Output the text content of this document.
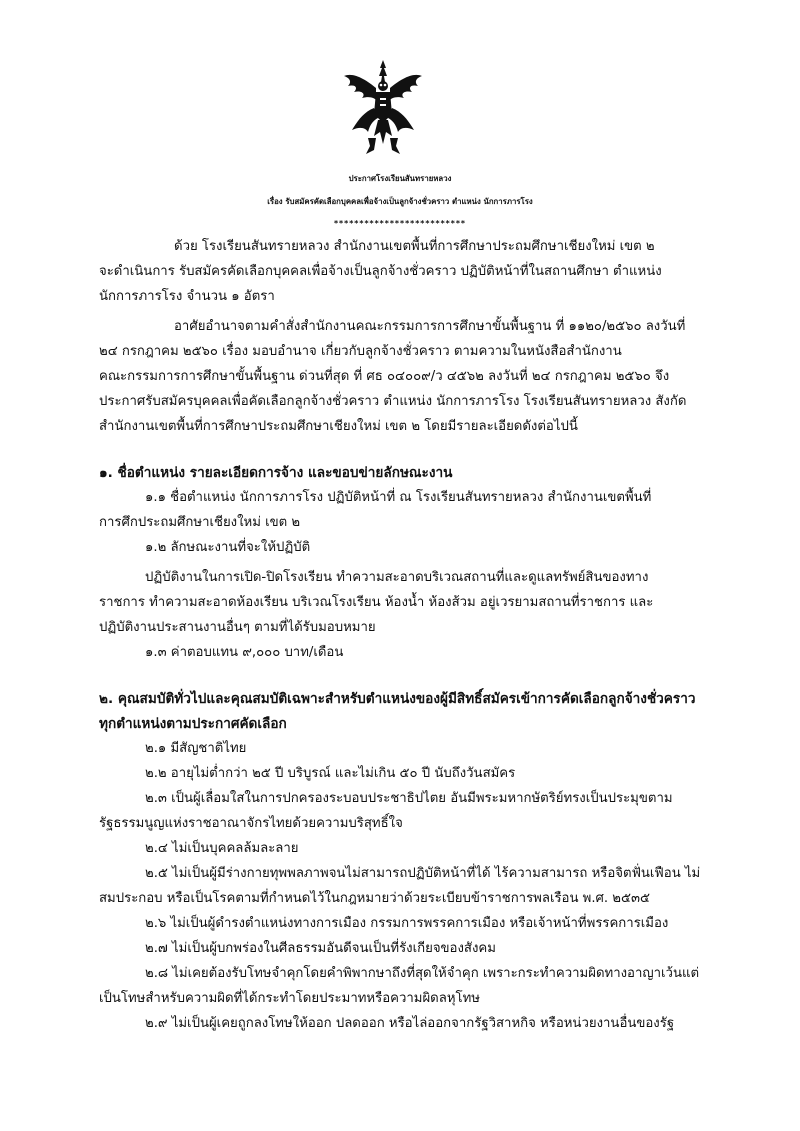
ประกาศโรงเรียนสันทรายหลวง
เรื่อง รับสมัครคัดเลือกบุคคลเพื่อจ้างเป็นลูกจ้างชั่วคราว ตำแหน่ง นักการภารโรง
**************************
ด้วย โรงเรียนสันทรายหลวง สำนักงานเขตพื้นที่การศึกษาประถมศึกษาเชียงใหม่ เขต ๒
จะดำเนินการ รับสมัครคัดเลือกบุคคลเพื่อจ้างเป็นลูกจ้างชั่วคราว ปฏิบัติหน้าที่ในสถานศึกษา ตำแหน่ง
นักการภารโรง จำนวน ๑ อัตรา
อาศัยอำนาจตามคำสั่งสำนักงานคณะกรรมการการศึกษาขั้นพื้นฐาน ที่ ๑๑๒๐/๒๕๖๐ ลงวันที่
๒๔ กรกฎาคม ๒๕๖๐ เรื่อง มอบอำนาจ เกี่ยวกับลูกจ้างชั่วคราว ตามความในหนังสือสำนักงาน
คณะกรรมการการศึกษาขั้นพื้นฐาน ด่วนที่สุด ที่ ศธ ๐๔๐๐๙/ว ๔๕๖๒ ลงวันที่ ๒๔ กรกฎาคม ๒๕๖๐ จึง
ประกาศรับสมัครบุคคลเพื่อคัดเลือกลูกจ้างชั่วคราว ตำแหน่ง นักการภารโรง โรงเรียนสันทรายหลวง สังกัด
สำนักงานเขตพื้นที่การศึกษาประถมศึกษาเชียงใหม่ เขต ๒ โดยมีรายละเอียดดังต่อไปนี้
๑. ชื่อตำแหน่ง รายละเอียดการจ้าง และขอบข่ายลักษณะงาน
๑.๑ ชื่อตำแหน่ง นักการภารโรง ปฏิบัติหน้าที่ ณ โรงเรียนสันทรายหลวง สำนักงานเขตพื้นที่
การศึกประถมศึกษาเชียงใหม่ เขต ๒
๑.๒ ลักษณะงานที่จะให้ปฏิบัติ
ปฏิบัติงานในการเปิด-ปิดโรงเรียน ทำความสะอาดบริเวณสถานที่และดูแลทรัพย์สินของทาง
ราชการ ทำความสะอาดห้องเรียน บริเวณโรงเรียน ห้องน้ำ ห้องส้วม อยู่เวรยามสถานที่ราชการ และ
ปฏิบัติงานประสานงานอื่นๆ ตามที่ได้รับมอบหมาย
๑.๓ ค่าตอบแทน ๙,๐๐๐ บาท/เดือน
๒. คุณสมบัติทั่วไปและคุณสมบัติเฉพาะสำหรับตำแหน่งของผู้มีสิทธิ์สมัครเข้าการคัดเลือกลูกจ้างชั่วคราว
ทุกตำแหน่งตามประกาศคัดเลือก
๒.๑ มีสัญชาติไทย
๒.๒ อายุไม่ต่ำกว่า ๒๕ ปี บริบูรณ์ และไม่เกิน ๕๐ ปี นับถึงวันสมัคร
๒.๓ เป็นผู้เลื่อมใสในการปกครองระบอบประชาธิปไตย อันมีพระมหากษัตริย์ทรงเป็นประมุขตาม
รัฐธรรมนูญแห่งราชอาณาจักรไทยด้วยความบริสุทธิ์ใจ
๒.๔ ไม่เป็นบุคคลล้มละลาย
๒.๕ ไม่เป็นผู้มีร่างกายทุพพลภาพจนไม่สามารถปฏิบัติหน้าที่ได้ ไร้ความสามารถ หรือจิตฟั่นเฟือน ไม่
สมประกอบ หรือเป็นโรคตามที่กำหนดไว้ในกฎหมายว่าด้วยระเบียบข้าราชการพลเรือน พ.ศ. ๒๕๓๕
๒.๖ ไม่เป็นผู้ดำรงตำแหน่งทางการเมือง กรรมการพรรคการเมือง หรือเจ้าหน้าที่พรรคการเมือง
๒.๗ ไม่เป็นผู้บกพร่องในศีลธรรมอันดีจนเป็นที่รังเกียจของสังคม
๒.๘ ไม่เคยต้องรับโทษจำคุกโดยคำพิพากษาถึงที่สุดให้จำคุก เพราะกระทำความผิดทางอาญาเว้นแต่
เป็นโทษสำหรับความผิดที่ได้กระทำโดยประมาทหรือความผิดลหุโทษ
๒.๙ ไม่เป็นผู้เคยถูกลงโทษให้ออก ปลดออก หรือไล่ออกจากรัฐวิสาหกิจ หรือหน่วยงานอื่นของรัฐ
